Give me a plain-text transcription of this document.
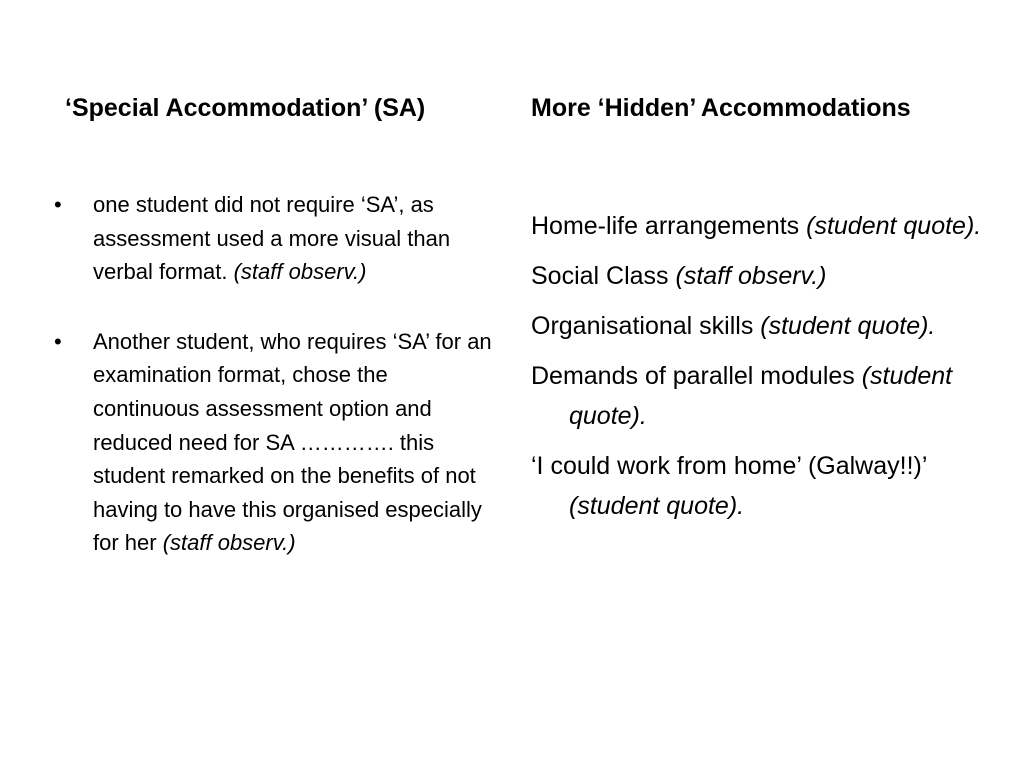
‘Special Accommodation’ (SA)	More ‘Hidden’ Accommodations
• one student did not require ‘SA’, as assessment used a more visual than verbal format. (staff observ.)
• Another student, who requires ‘SA’ for an examination format, chose the continuous assessment option and reduced need for SA …………. this student remarked on the benefits of not having to have this organised especially for her (staff observ.)
Home-life arrangements (student quote).
Social Class (staff observ.)
Organisational skills (student quote).
Demands of parallel modules (student quote).
‘I could work from home’ (Galway!!)’ (student quote).
